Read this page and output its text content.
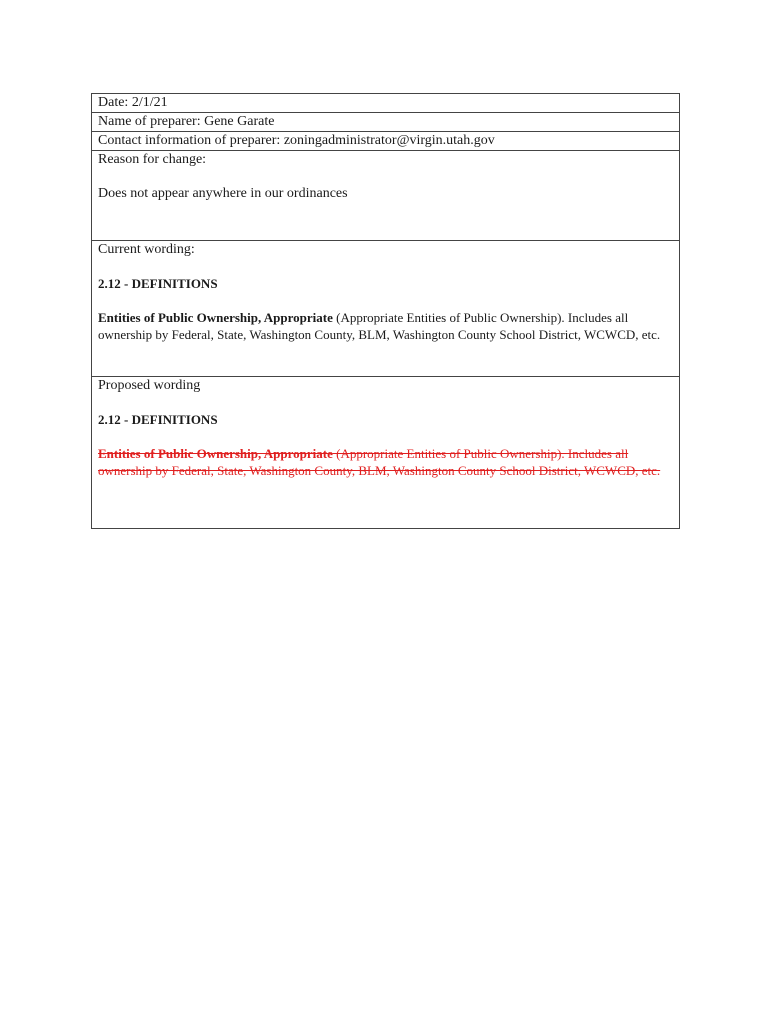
Date: 2/1/21

Name of preparer: Gene Garate

Contact information of preparer: zoningadministrator@virgin.utah.gov

Reason for change:

Does not appear anywhere in our ordinances

Current wording:

2.12 - DEFINITIONS

Entities of Public Ownership, Appropriate (Appropriate Entities of Public Ownership). Includes all ownership by Federal, State, Washington County, BLM, Washington County School District, WCWCD, etc.

Proposed wording

2.12 - DEFINITIONS

Entities of Public Ownership, Appropriate (Appropriate Entities of Public Ownership). Includes all ownership by Federal, State, Washington County, BLM, Washington County School District, WCWCD, etc.
